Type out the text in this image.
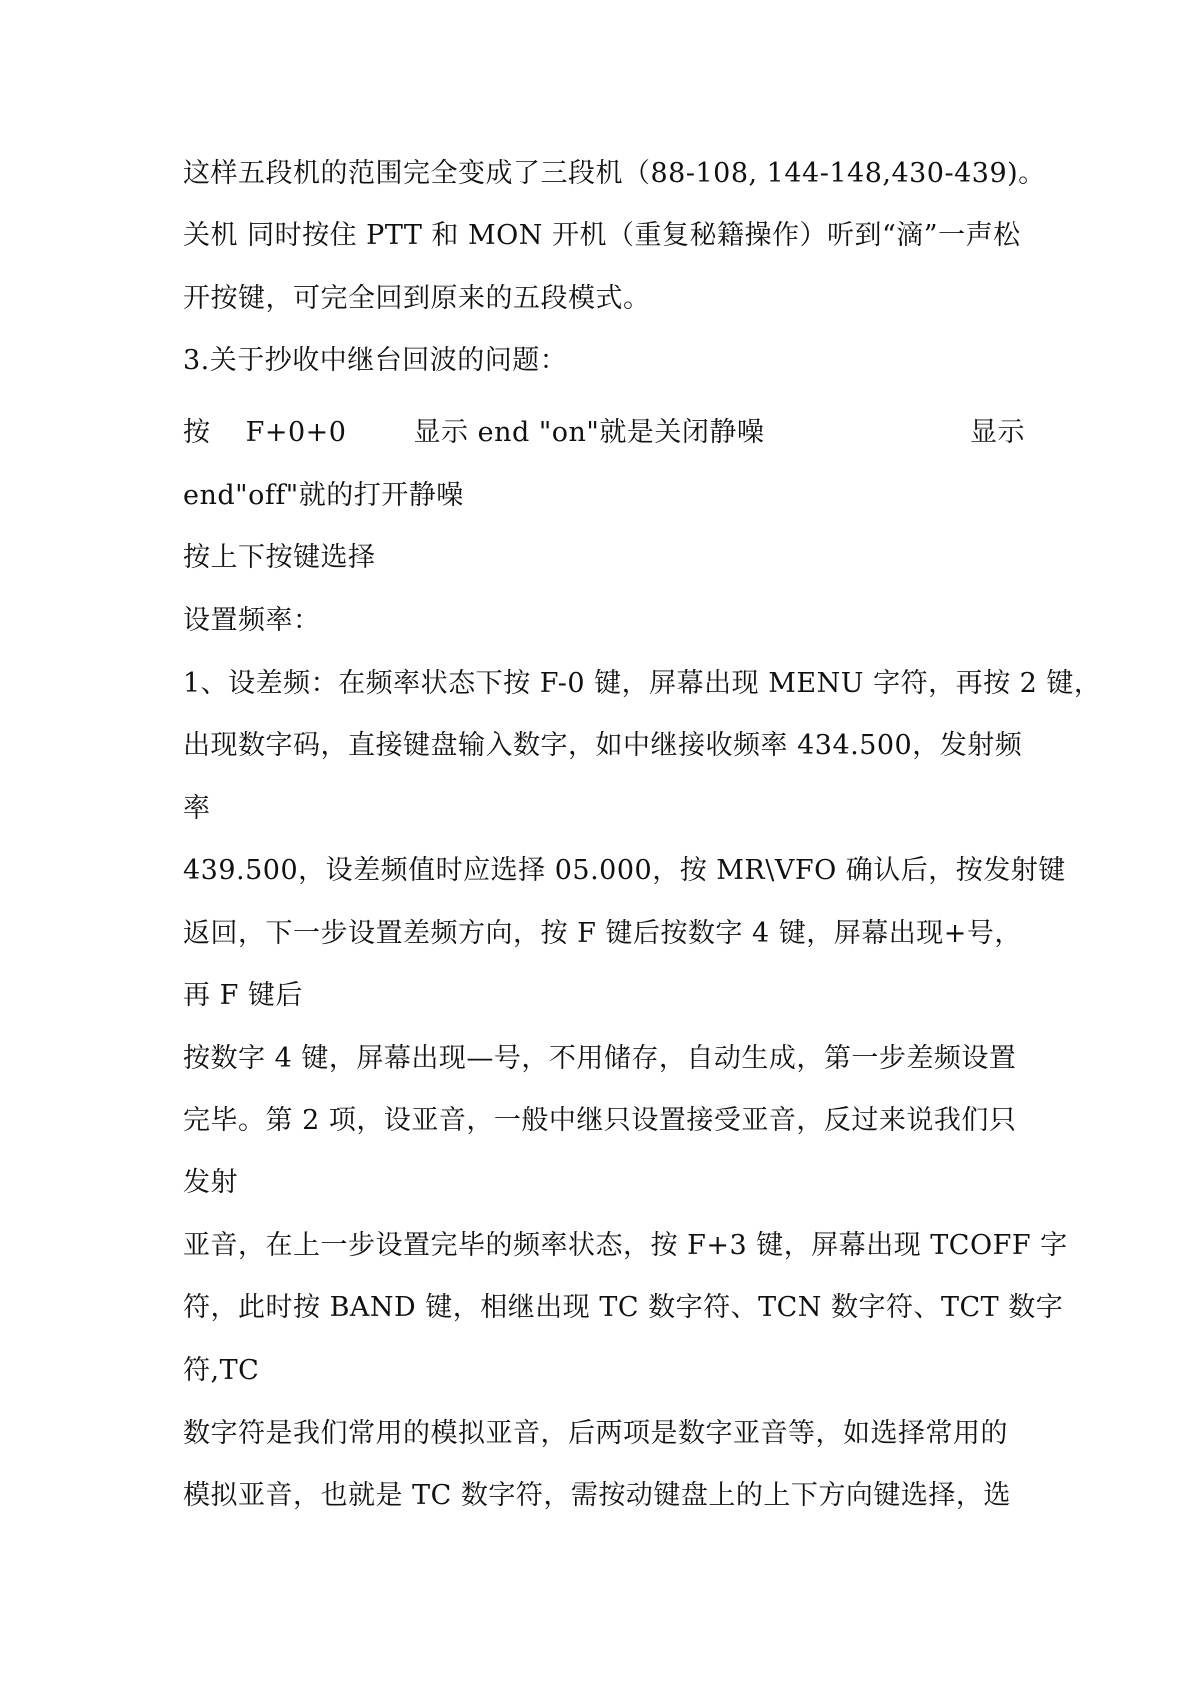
这样五段机的范围完全变成了三段机（88-108, 144-148,430-439)。
关机 同时按住 PTT 和 MON 开机（重复秘籍操作）听到“滴”一声松
开按键，可完全回到原来的五段模式。
3.关于抄收中继台回波的问题：
按 F+0+0 显示 end "on"就是关闭静噪	显示
end"off"就的打开静噪
按上下按键选择
设置频率：
1、设差频：在频率状态下按 F-0 键，屏幕出现 MENU 字符，再按 2 键，
出现数字码，直接键盘输入数字，如中继接收频率 434.500，发射频
率
439.500，设差频值时应选择 05.000，按 MR\VFO 确认后，按发射键
返回，下一步设置差频方向，按 F 键后按数字 4 键，屏幕出现+号，
再 F 键后
按数字 4 键，屏幕出现—号，不用储存，自动生成，第一步差频设置
完毕。第 2 项，设亚音，一般中继只设置接受亚音，反过来说我们只
发射
亚音，在上一步设置完毕的频率状态，按 F+3 键，屏幕出现 TCOFF 字
符，此时按 BAND 键，相继出现 TC 数字符、TCN 数字符、TCT 数字
符,TC
数字符是我们常用的模拟亚音，后两项是数字亚音等，如选择常用的
模拟亚音，也就是 TC 数字符，需按动键盘上的上下方向键选择，选
